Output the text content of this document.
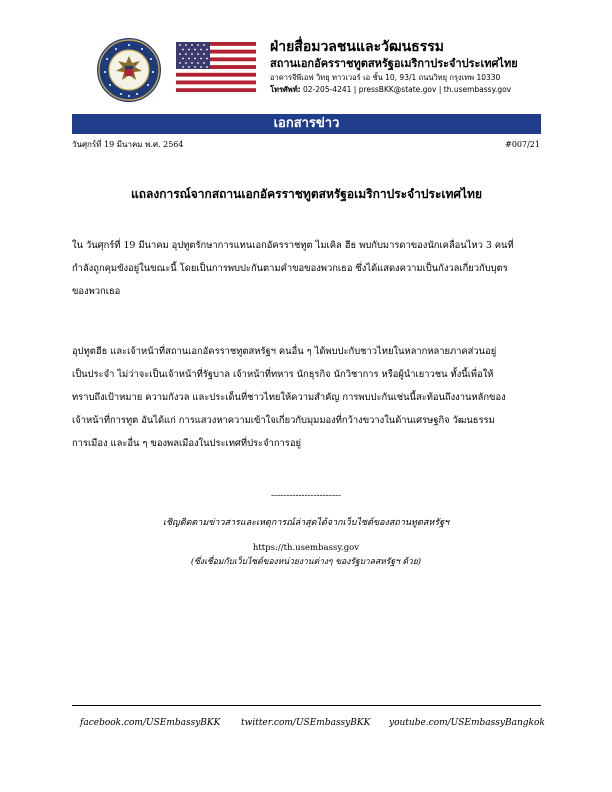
ฝ่ายสื่อมวลชนและวัฒนธรรม
สถานเอกอัครราชทูตสหรัฐอเมริกาประจำประเทศไทย
อาคารจีพีเอฟ วิทยุ ทาวเวอร์ เอ ชั้น 10, 93/1 ถนนวิทยุ กรุงเทพ 10330
โทรศัพท์: 02-205-4241 | pressBKK@state.gov | th.usembassy.gov
เอกสารข่าว
วันศุกร์ที่ 19 มีนาคม พ.ศ. 2564	#007/21
แถลงการณ์จากสถานเอกอัครราชทูตสหรัฐอเมริกาประจำประเทศไทย
ใน วันศุกร์ที่ 19 มีนาคม อุปทูตรักษาการแทนเอกอัครราชทูต ไมเคิล ฮีธ พบกับมารดาของนักเคลื่อนไหว 3 คนที่
กำลังถูกคุมขังอยู่ในขณะนี้ โดยเป็นการพบปะกันตามคำขอของพวกเธอ ซึ่งได้แสดงความเป็นกังวลเกี่ยวกับบุตร
ของพวกเธอ
อุปทูตฮีธ และเจ้าหน้าที่สถานเอกอัครราชทูตสหรัฐฯ คนอื่น ๆ ได้พบปะกับชาวไทยในหลากหลายภาคส่วนอยู่
เป็นประจำ ไม่ว่าจะเป็นเจ้าหน้าที่รัฐบาล เจ้าหน้าที่ทหาร นักธุรกิจ นักวิชาการ หรือผู้นำเยาวชน ทั้งนี้เพื่อให้
ทราบถึงเป้าหมาย ความกังวล และประเด็นที่ชาวไทยให้ความสำคัญ การพบปะกันเช่นนี้สะท้อนถึงงานหลักของ
เจ้าหน้าที่การทูต อันได้แก่ การแสวงหาความเข้าใจเกี่ยวกับมุมมองที่กว้างขวางในด้านเศรษฐกิจ วัฒนธรรม
การเมือง และอื่น ๆ ของพลเมืองในประเทศที่ประจำการอยู่
-----------------------
เชิญติดตามข่าวสารและเหตุการณ์ล่าสุดได้จากเว็บไซต์ของสถานทูตสหรัฐฯ
https://th.usembassy.gov
(ซึ่งเชื่อมกับเว็บไซต์ของหน่วยงานต่างๆ ของรัฐบาลสหรัฐฯ ด้วย)
facebook.com/USEmbassyBKK twitter.com/USEmbassyBKK youtube.com/USEmbassyBangkok
